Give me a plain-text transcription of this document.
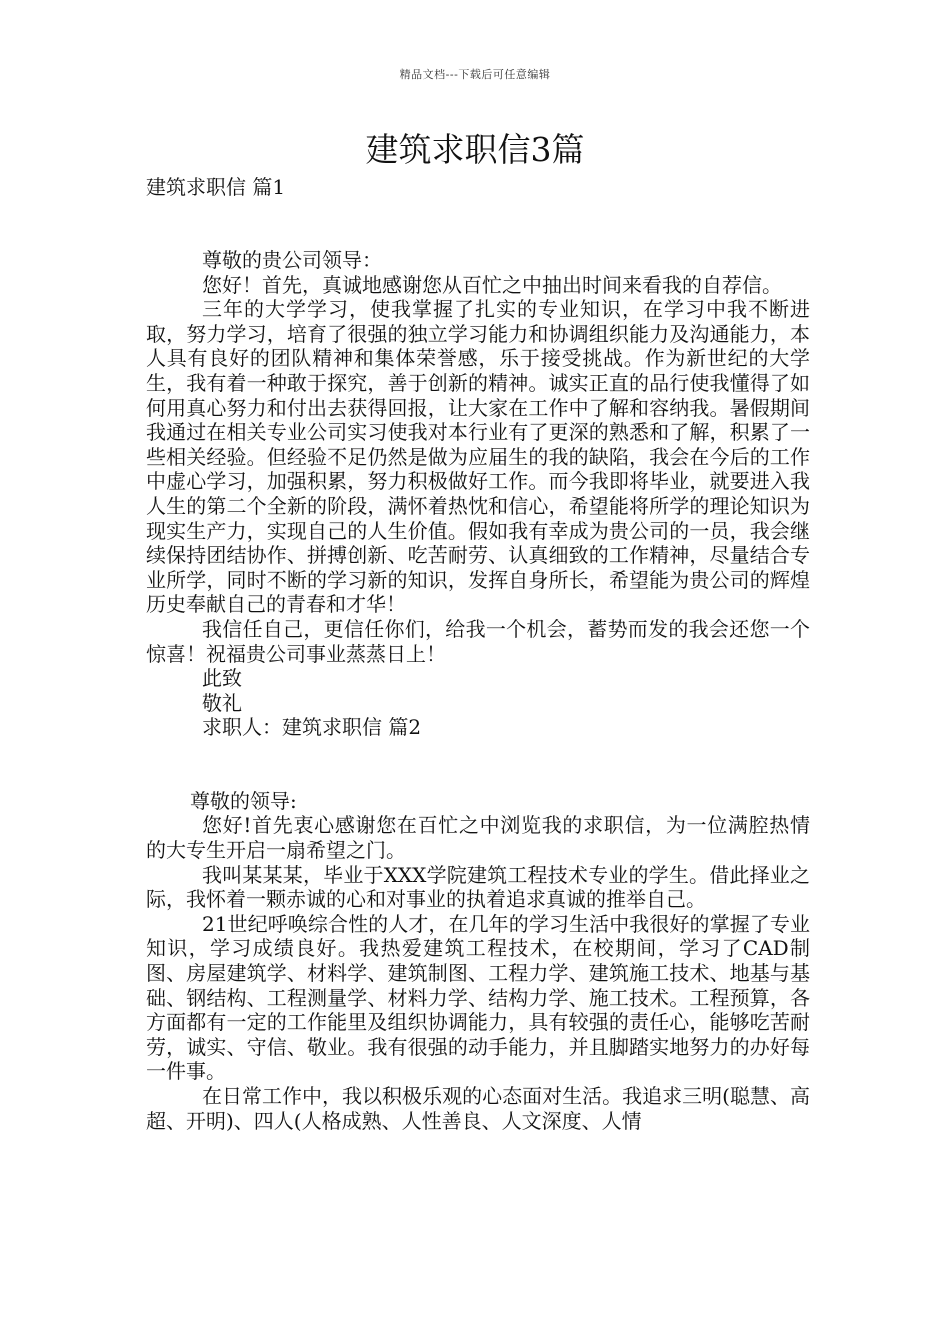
精品文档---下载后可任意编辑
建筑求职信3篇

建筑求职信 篇1

尊敬的贵公司领导：

您好！首先，真诚地感谢您从百忙之中抽出时间来看我的自荐信。

三年的大学学习，使我掌握了扎实的专业知识，在学习中我不断进取，努力学习，培育了很强的独立学习能力和协调组织能力及沟通能力，本人具有良好的团队精神和集体荣誉感，乐于接受挑战。作为新世纪的大学生，我有着一种敢于探究，善于创新的精神。诚实正直的品行使我懂得了如何用真心努力和付出去获得回报，让大家在工作中了解和容纳我。暑假期间我通过在相关专业公司实习使我对本行业有了更深的熟悉和了解，积累了一些相关经验。但经验不足仍然是做为应届生的我的缺陷，我会在今后的工作中虚心学习，加强积累，努力积极做好工作。而今我即将毕业，就要进入我人生的第二个全新的阶段，满怀着热忱和信心，希望能将所学的理论知识为现实生产力，实现自己的人生价值。假如我有幸成为贵公司的一员，我会继续保持团结协作、拼搏创新、吃苦耐劳、认真细致的工作精神，尽量结合专业所学，同时不断的学习新的知识，发挥自身所长，希望能为贵公司的辉煌历史奉献自己的青春和才华！

我信任自己，更信任你们，给我一个机会，蓄势而发的我会还您一个惊喜！祝福贵公司事业蒸蒸日上！

此致

敬礼

求职人：建筑求职信 篇2

尊敬的领导:

您好!首先衷心感谢您在百忙之中浏览我的求职信，为一位满腔热情的大专生开启一扇希望之门。

我叫某某某，毕业于XXX学院建筑工程技术专业的学生。借此择业之际，我怀着一颗赤诚的心和对事业的执着追求真诚的推举自己。

21世纪呼唤综合性的人才，在几年的学习生活中我很好的掌握了专业知识，学习成绩良好。我热爱建筑工程技术，在校期间，学习了CAD制图、房屋建筑学、材料学、建筑制图、工程力学、建筑施工技术、地基与基础、钢结构、工程测量学、材料力学、结构力学、施工技术。工程预算，各方面都有一定的工作能里及组织协调能力，具有较强的责任心，能够吃苦耐劳，诚实、守信、敬业。我有很强的动手能力，并且脚踏实地努力的办好每一件事。

在日常工作中，我以积极乐观的心态面对生活。我追求三明(聪慧、高超、开明)、四人(人格成熟、人性善良、人文深度、人情
